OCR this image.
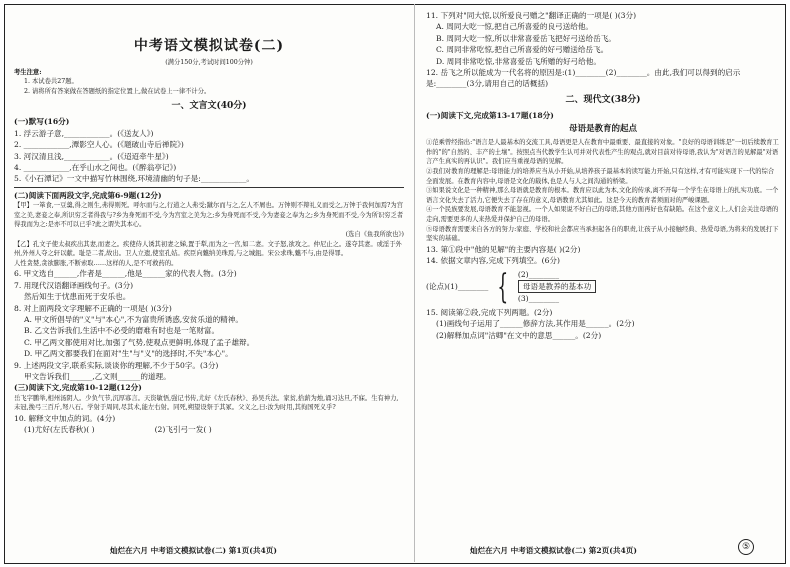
中考语文模拟试卷(二)
(满分150分,考试时间100分钟)
考生注意:
1. 本试卷共27题。
2. 请将所有答案做在答题纸的指定位置上,做在试卷上一律不计分。
一、文言文(40分)
(一)默写(16分)
1. 浮云游子意,____________。(《送友人》)
2. ____________,潭影空人心。(《题破山寺后禅院》)
3. 河汉清且浅,____________。(《迢迢牵牛星》)
4. ____________,在乎山水之间也。(《醉翁亭记》)
5.《小石潭记》一文中描写竹林围绕,环境清幽的句子是:____________。
(二)阅读下面两段文字,完成第6-9题(12分)
【甲】一箪食,一豆羹,得之则生,弗得则死。呼尔而与之,行道之人弗受;蹴尔而与之,乞人不屑也。万钟则不辩礼义而受之,万钟于我何加焉?为宫室之美,妻妾之奉,所识穷乏者得我与?乡为身死而不受,今为宫室之美为之;乡为身死而不受,今为妻妾之奉为之;乡为身死而不受,今为所识穷乏者得我而为之:是亦不可以已乎?此之谓失其本心。
(选自《鱼我所欲也》)
【乙】孔文子使太叔疾出其妻,而妻之。疾使侍人诱其初妻之娣,置于犁,而为之一宫,如二妻。文子怒,欲攻之。仲尼止之。遂夺其妻。或淫于外州,外州人夺之轩以献。耻是二者,故出。卫人立遗,使室孔姞。疾臣向魋纳美珠焉,与之城鉏。宋公求珠,魋不与,由是得罪。
人性贪婪,贪欲膨胀,不断索取……这样的人,是不可救药的。
6. 甲文选自______,作者是______,他是______家的代表人物。(3分)
7. 用现代汉语翻译画线句子。(3分)
然后知生于忧患而死于安乐也。
8. 对上面两段文字理解不正确的一项是( )(3分)
A. 甲文所倡导的"义"与"本心",不为富贵所诱惑,安贫乐道的精神。
B. 乙文告诉我们,生活中不必受的磨难有时也是一笔财富。
C. 甲乙两文都使用对比,加强了气势,使观点更鲜明,体现了孟子雄辩。
D. 甲乙两文都要我们在面对"生"与"义"的选择时,不失"本心"。
9. 上述两段文字,联系实际,谈谈你的理解,不少于50字。(3分)
甲文告诉我们______,乙文则______的道理。
(三)阅读下文,完成第10-12题(12分)
岳飞字鹏举,相州汤阴人。少负气节,沉厚寡言。天资敏悟,强记书传,尤好《左氏春秋》、孙吴兵法。家贫,拾薪为烛,诵习达旦,不寐。生有神力,未冠,挽弓三百斤,弩八石。学射于周同,尽其术,能左右射。同死,朔望设祭于其冢。父义之,曰:汝为时用,其徇国死义乎?
10. 解释文中加点的词。(4分)
(1)尤好(左氏春秋)( )	(2)飞引弓一发( )
灿烂在六月 中考语文模拟试卷(二) 第1页(共4页)
11. 下列对"同大惊,以所爱良弓赠之"翻译正确的一项是( )(3分)
A. 周同大吃一惊,把自己所喜爱的良弓送给他。
B. 周同大吃一惊,所以非常喜爱岳飞把好弓送给岳飞。
C. 周同非常吃惊,把自己所喜爱的好弓赠送给岳飞。
D. 周同非常吃惊,非常喜爱岳飞所赠的好弓给他。
12. 岳飞之所以能成为一代名将的原因是:(1)________(2)________。由此,我们可以得到的启示是:________(3分,请用自己的话概括)
二、现代文(38分)
(一)阅读下文,完成第13-17题(18分)
母语是教育的起点
①范乘曾经指出:"语言是人最基本的交流工具,母语更是人在教育中最重要、最直接的对象。"良好的母语训练是"一切后续教育工作的"的"自然的、丰产的土壤"。按照点当代教学生认可并对代表性产生的观点,就对目前对待母语,我认为"对语言的见解最"对语言产生真实的再认识"。我们应当重视母语的见解。
②我们对教育的理解是:母语能力的培养应当从小开始,从培养孩子最基本的读写能力开始,只有这样,才有可能实现下一代的综合全面发展。在教育内容中,母语是文化的载体,也是人与人之间沟通的桥梁。
③如果说文化是一种精神,那么母语就是教育的根本。教育应以此为本,文化的传承,离不开每一个学生在母语上的扎实功底。一个语言文化失去了活力,它便失去了存在的意义,母语教育尤其如此。这是今天的教育者须面对的严峻课题。
④一个民族要发展,母语教育不能忽视。一个人如果说不好自己的母语,其他方面再好也有缺陷。在这个意义上,人们会关注母语的走向,需要更多的人来热爱并保护自己的母语。
⑤母语教育需要来自各方的努力:家庭、学校和社会都应当承担起各自的职责,让孩子从小接触经典、热爱母语,为将来的发展打下坚实的基础。
13. 第①段中"他的见解"的主要内容是( )(2分)
14. 依据文章内容,完成下列填空。(6分)
(论点)(1)________ { (2)________
母语是教养的基本功
(3)________
15. 阅读第②段,完成下列两题。(2分)
(1)画线句子运用了______修辞方法,其作用是______。(2分)
(2)解释加点词"沽卿"在文中的意思______。(2分)
灿烂在六月 中考语文模拟试卷(二) 第2页(共4页)	⑤
